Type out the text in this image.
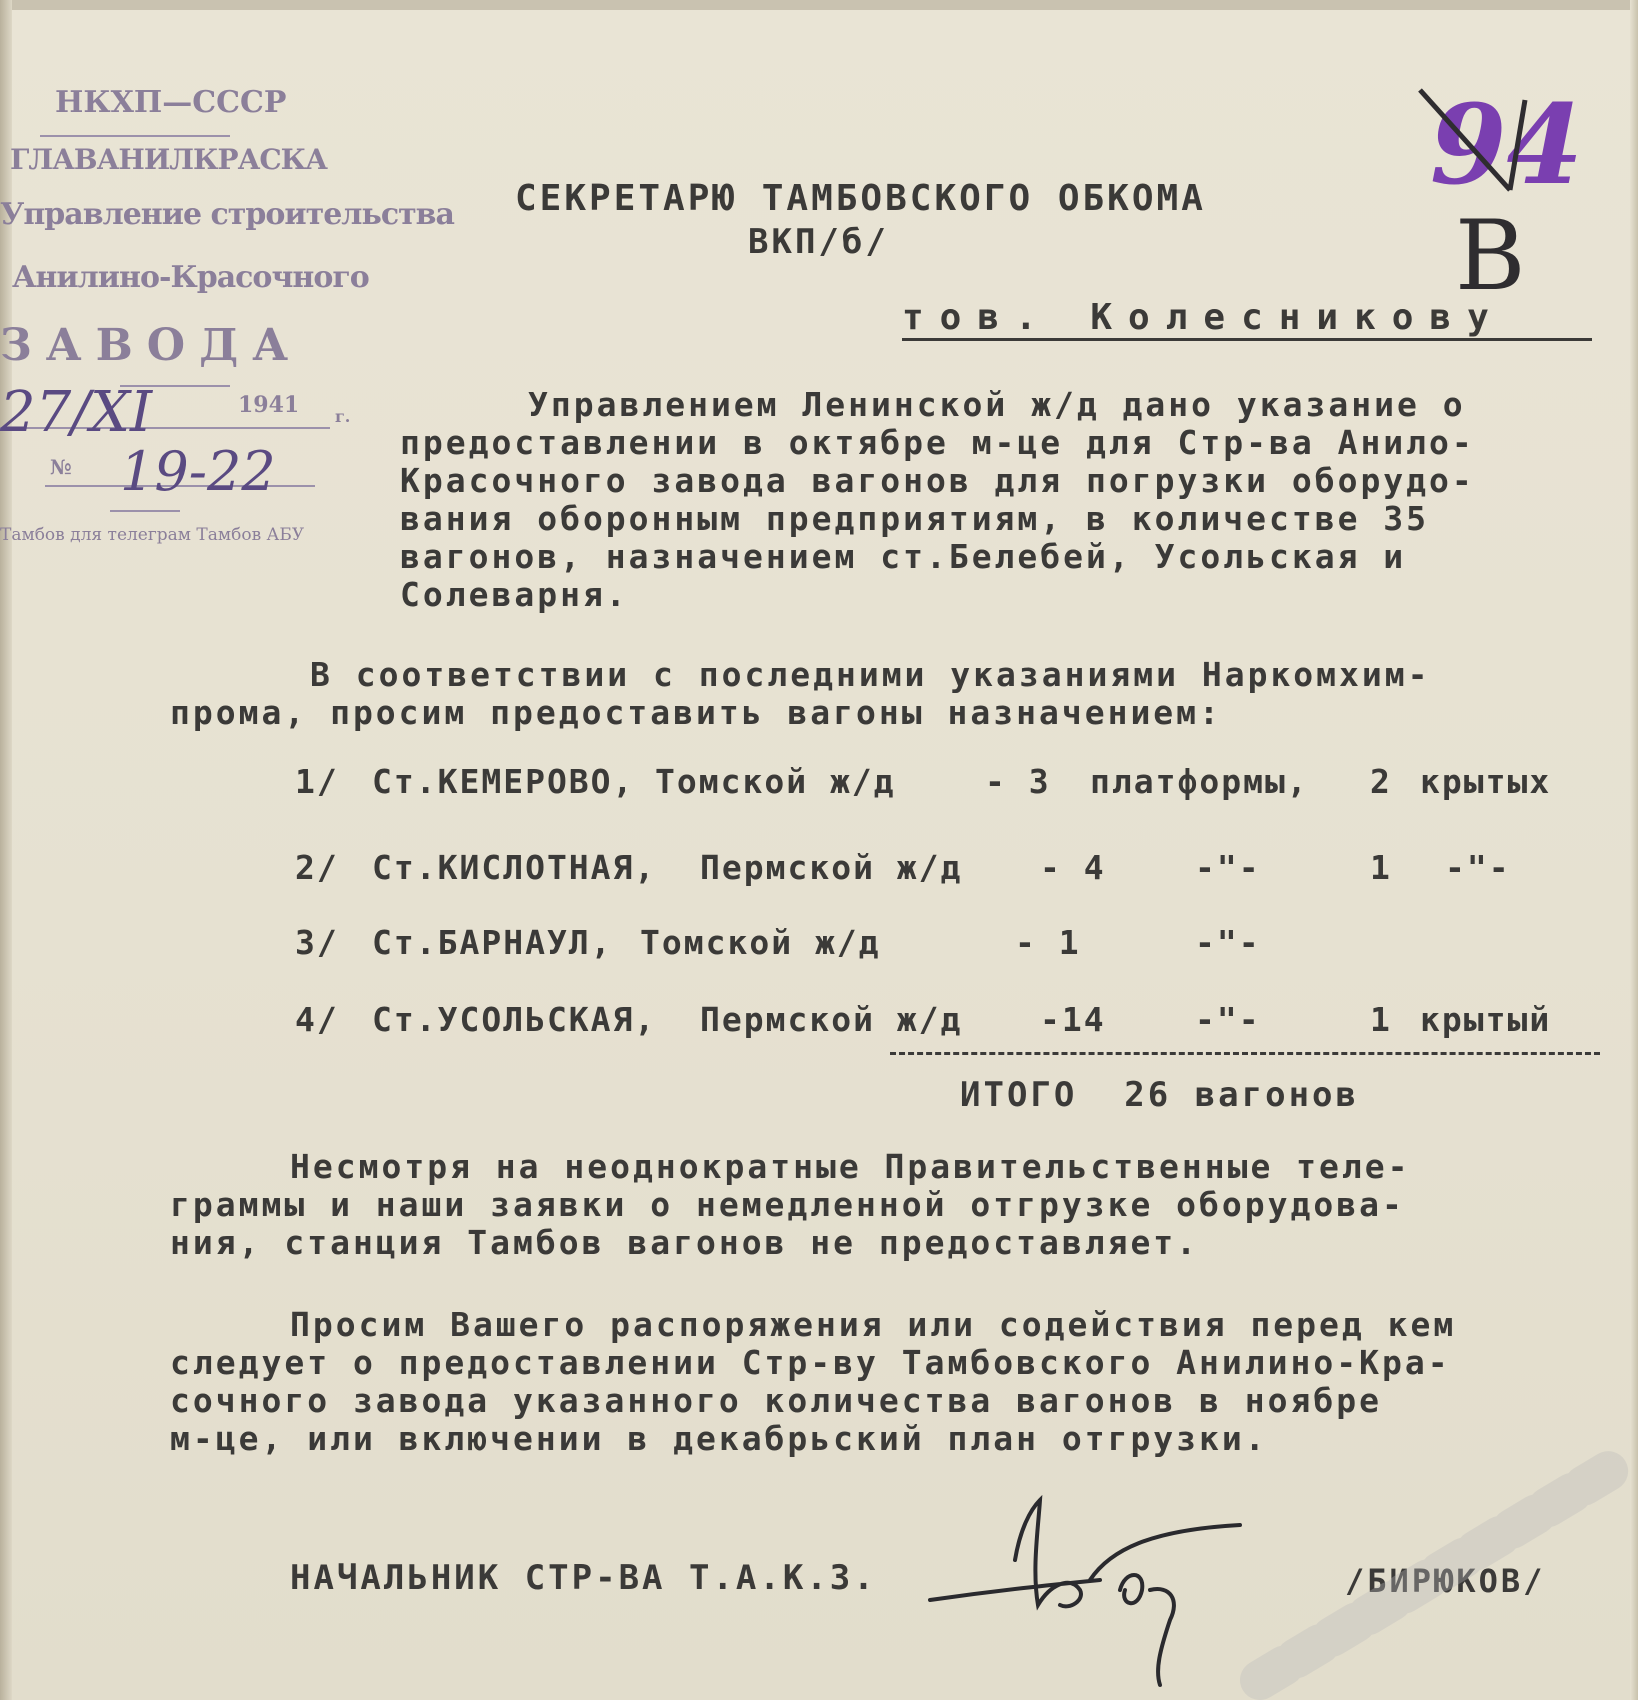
НКХП—СССР
ГЛАВАНИЛКРАСКА
Управление строительства
Анилино-Красочного
ЗАВОДА
1941 г.
№
Тамбов для телеграм Тамбов АБУ
27/XI
19-22
94
В
СЕКРЕТАРЮ ТАМБОВСКОГО ОБКОМА
ВКП/б/
тов. Колесникову
Управлением Ленинской ж/д дано указание о
предоставлении в октябре м-це для Стр-ва Анило-
Красочного завода вагонов для погрузки оборудо-
вания оборонным предприятиям, в количестве 35
вагонов, назначением ст.Белебей, Усольская и
Солеварня.
В соответствии с последними указаниями Наркомхим-
прома, просим предоставить вагоны назначением:
1/ Ст.КЕМЕРОВО, Томской ж/д	- 3 платформы, 2 крытых
2/ Ст.КИСЛОТНАЯ, Пермской ж/д - 4	-"-	1 -"-
3/ Ст.БАРНАУЛ, Томской ж/д	- 1	-"-
4/ Ст.УСОЛЬСКАЯ, Пермской ж/д -14	-"-	1 крытый
ИТОГО  26 вагонов
Несмотря на неоднократные Правительственные теле-
граммы и наши заявки о немедленной отгрузке оборудова-
ния, станция Тамбов вагонов не предоставляет.
Просим Вашего распоряжения или содействия перед кем
следует о предоставлении Стр-ву Тамбовского Анилино-Кра-
сочного завода указанного количества вагонов в ноябре
м-це, или включении в декабрьский план отгрузки.
НАЧАЛЬНИК СТР-ВА Т.А.К.З.	/БИРЮКОВ/
